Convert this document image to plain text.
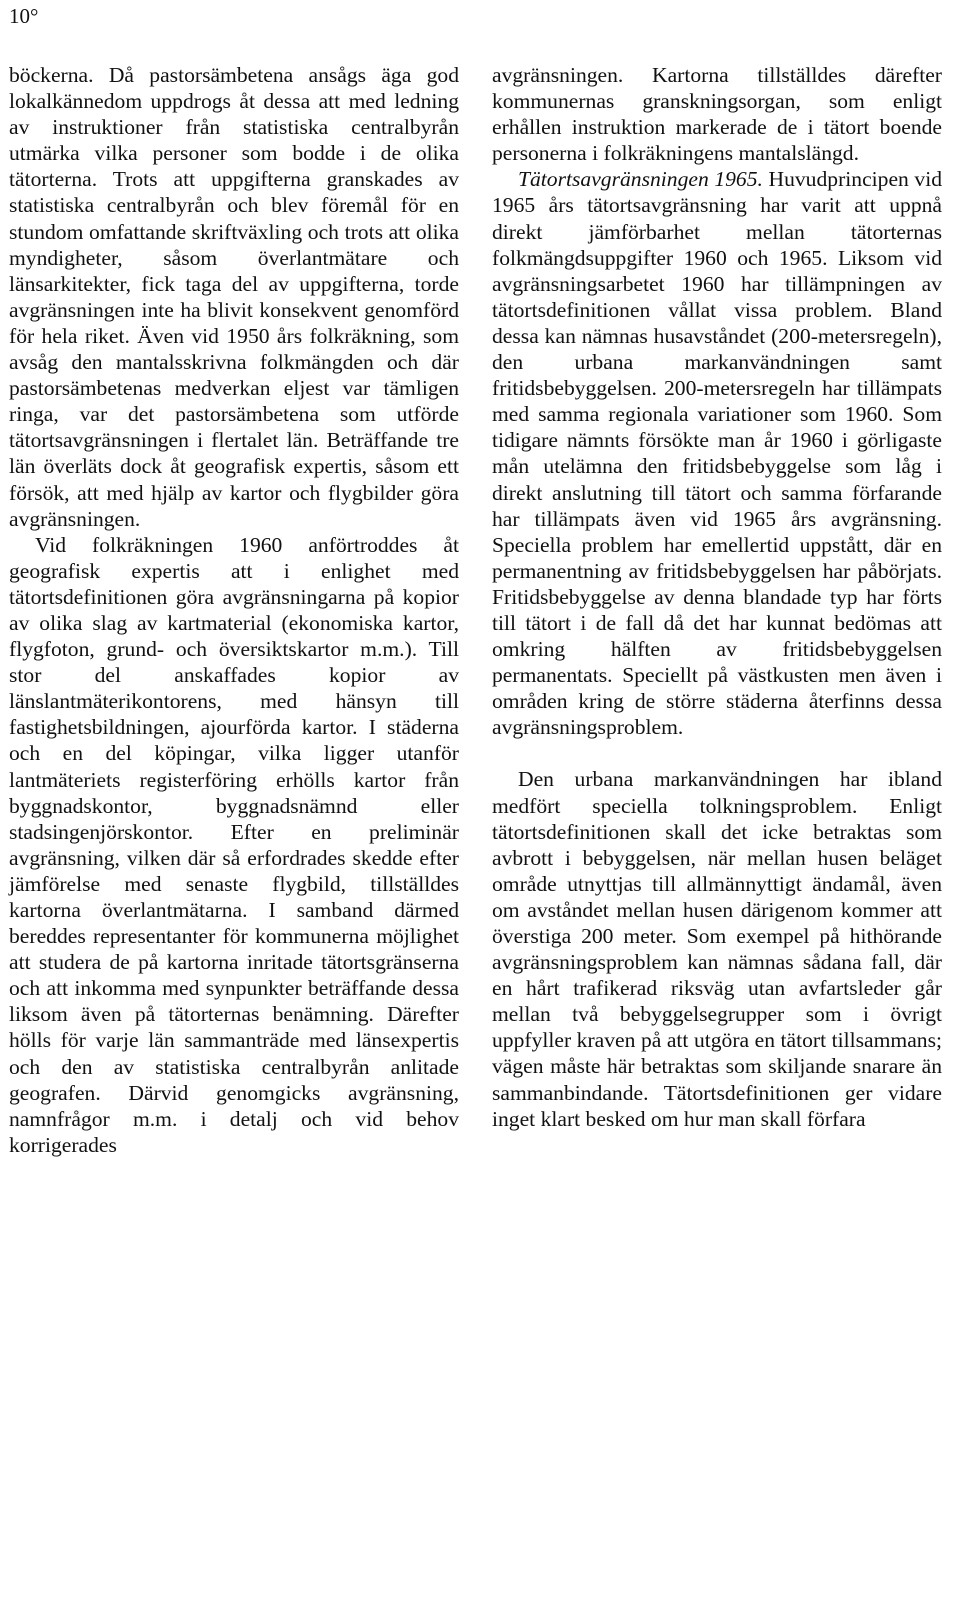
10°

böckerna. Då pastorsämbetena ansågs äga god lokalkännedom uppdrogs åt dessa att med ledning av instruktioner från statistiska centralbyrån utmärka vilka personer som bodde i de olika tätorterna. Trots att uppgifterna granskades av statistiska centralbyrån och blev föremål för en stundom omfattande skriftväxling och trots att olika myndigheter, såsom överlantmätare och länsarkitekter, fick taga del av uppgifterna, torde avgränsningen inte ha blivit konsekvent genomförd för hela riket. Även vid 1950 års folkräkning, som avsåg den mantalsskrivna folkmängden och där pastorsämbetenas medverkan eljest var tämligen ringa, var det pastorsämbetena som utförde tätortsavgränsningen i flertalet län. Beträffande tre län överläts dock åt geografisk expertis, såsom ett försök, att med hjälp av kartor och flygbilder göra avgränsningen.

Vid folkräkningen 1960 anförtroddes åt geografisk expertis att i enlighet med tätortsdefinitionen göra avgränsningarna på kopior av olika slag av kartmaterial (ekonomiska kartor, flygfoton, grund- och översiktskartor m.m.). Till stor del anskaffades kopior av länslantmäterikontorens, med hänsyn till fastighetsbildningen, ajourförda kartor. I städerna och en del köpingar, vilka ligger utanför lantmäteriets registerföring erhölls kartor från byggnadskontor, byggnadsnämnd eller stadsingenjörskontor. Efter en preliminär avgränsning, vilken där så erfordrades skedde efter jämförelse med senaste flygbild, tillställdes kartorna överlantmätarna. I samband därmed bereddes representanter för kommunerna möjlighet att studera de på kartorna inritade tätortsgränserna och att inkomma med synpunkter beträffande dessa liksom även på tätorternas benämning. Därefter hölls för varje län sammanträde med länsexpertis och den av statistiska centralbyrån anlitade geografen. Därvid genomgicks avgränsning, namnfrågor m.m. i detalj och vid behov korrigerades

avgränsningen. Kartorna tillställdes därefter kommunernas granskningsorgan, som enligt erhållen instruktion markerade de i tätort boende personerna i folkräkningens mantalslängd.

Tätortsavgränsningen 1965. Huvudprincipen vid 1965 års tätortsavgränsning har varit att uppnå direkt jämförbarhet mellan tätorternas folkmängdsuppgifter 1960 och 1965. Liksom vid avgränsningsarbetet 1960 har tillämpningen av tätortsdefinitionen vållat vissa problem. Bland dessa kan nämnas husavståndet (200-metersregeln), den urbana markanvändningen samt fritidsbebyggelsen. 200-metersregeln har tillämpats med samma regionala variationer som 1960. Som tidigare nämnts försökte man år 1960 i görligaste mån utelämna den fritidsbebyggelse som låg i direkt anslutning till tätort och samma förfarande har tillämpats även vid 1965 års avgränsning. Speciella problem har emellertid uppstått, där en permanentning av fritidsbebyggelsen har påbörjats. Fritidsbebyggelse av denna blandade typ har förts till tätort i de fall då det har kunnat bedömas att omkring hälften av fritidsbebyggelsen permanentats. Speciellt på västkusten men även i områden kring de större städerna återfinns dessa avgränsningsproblem.

Den urbana markanvändningen har ibland medfört speciella tolkningsproblem. Enligt tätortsdefinitionen skall det icke betraktas som avbrott i bebyggelsen, när mellan husen beläget område utnyttjas till allmännyttigt ändamål, även om avståndet mellan husen därigenom kommer att överstiga 200 meter. Som exempel på hithörande avgränsningsproblem kan nämnas sådana fall, där en hårt trafikerad riksväg utan avfartsleder går mellan två bebyggelsegrupper som i övrigt uppfyller kraven på att utgöra en tätort tillsammans; vägen måste här betraktas som skiljande snarare än sammanbindande. Tätortsdefinitionen ger vidare inget klart besked om hur man skall förfara
